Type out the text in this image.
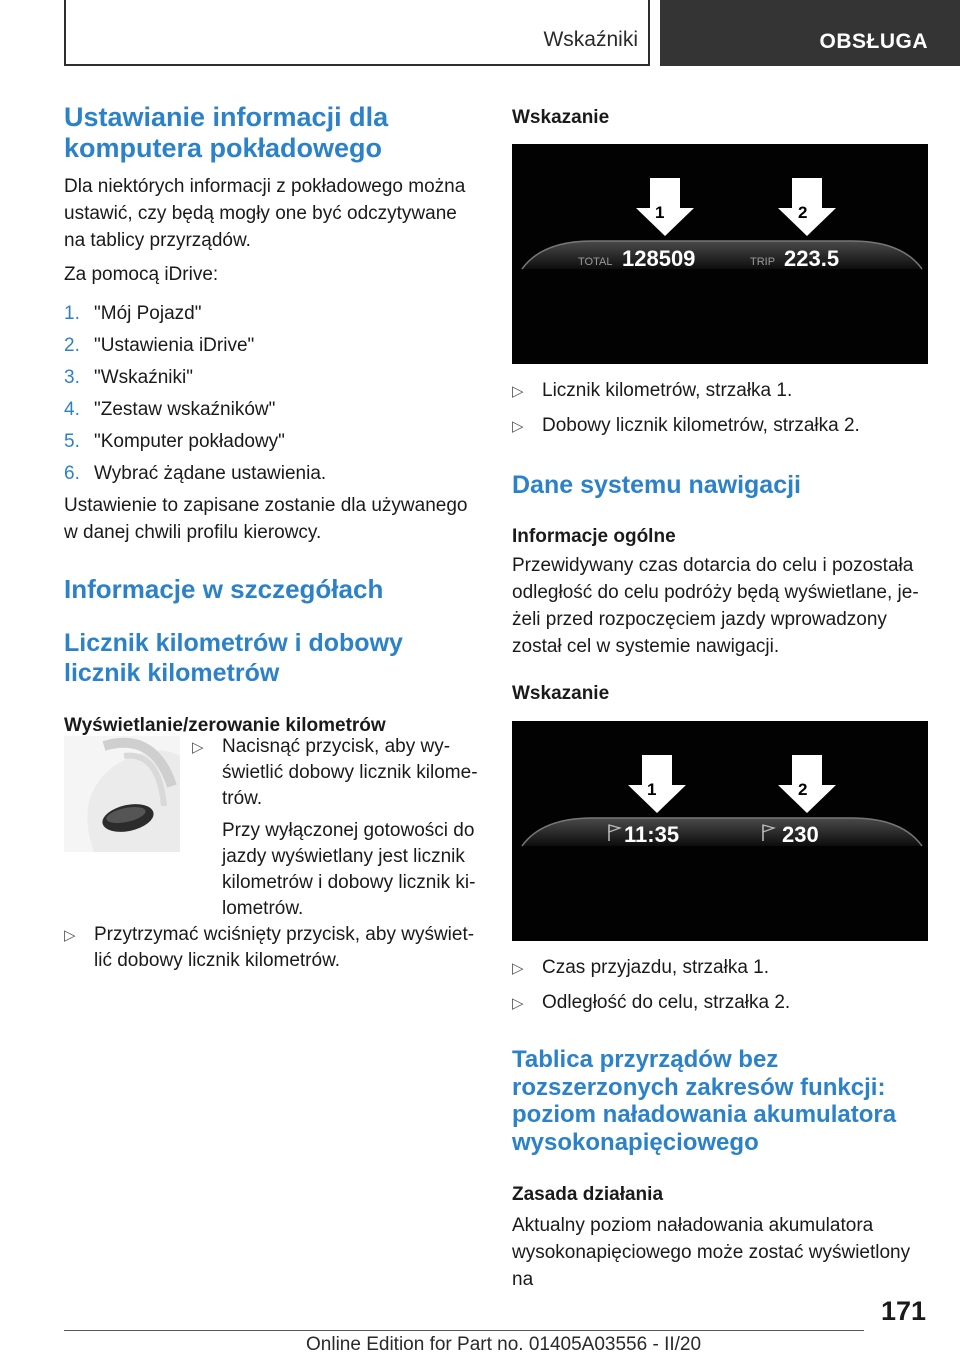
Wskaźniki	OBSŁUGA
Ustawianie informacji dla komputera pokładowego

Dla niektórych informacji z pokładowego można ustawić, czy będą mogły one być odczytywane na tablicy przyrządów.

Za pomocą iDrive:

1. "Mój Pojazd"
2. "Ustawienia iDrive"
3. "Wskaźniki"
4. "Zestaw wskaźników"
5. "Komputer pokładowy"
6. Wybrać żądane ustawienia.

Ustawienie to zapisane zostanie dla używanego w danej chwili profilu kierowcy.

Informacje w szczegółach
Licznik kilometrów i dobowy licznik kilometrów
Wyświetlanie/zerowanie kilometrów
▷ Nacisnąć przycisk, aby wyświetlić dobowy licznik kilometrów.

Przy wyłączonej gotowości do jazdy wyświetlany jest licznik kilometrów i dobowy licznik kilometrów.

▷ Przytrzymać wciśnięty przycisk, aby wyświetlić dobowy licznik kilometrów.
Wskazanie
1	2
TOTAL 128509	TRIP 223.5
▷ Licznik kilometrów, strzałka 1.
▷ Dobowy licznik kilometrów, strzałka 2.
Dane systemu nawigacji
Informacje ogólne

Przewidywany czas dotarcia do celu i pozostała odległość do celu podróży będą wyświetlane, jeżeli przed rozpoczęciem jazdy wprowadzony został cel w systemie nawigacji.

Wskazanie
1	2
11:35	230
▷ Czas przyjazdu, strzałka 1.
▷ Odległość do celu, strzałka 2.
Tablica przyrządów bez rozszerzonych zakresów funkcji: poziom naładowania akumulatora wysokonapięciowego
Zasada działania

Aktualny poziom naładowania akumulatora wysokonapięciowego może zostać wyświetlony na

171
Online Edition for Part no. 01405A03556 - II/20
